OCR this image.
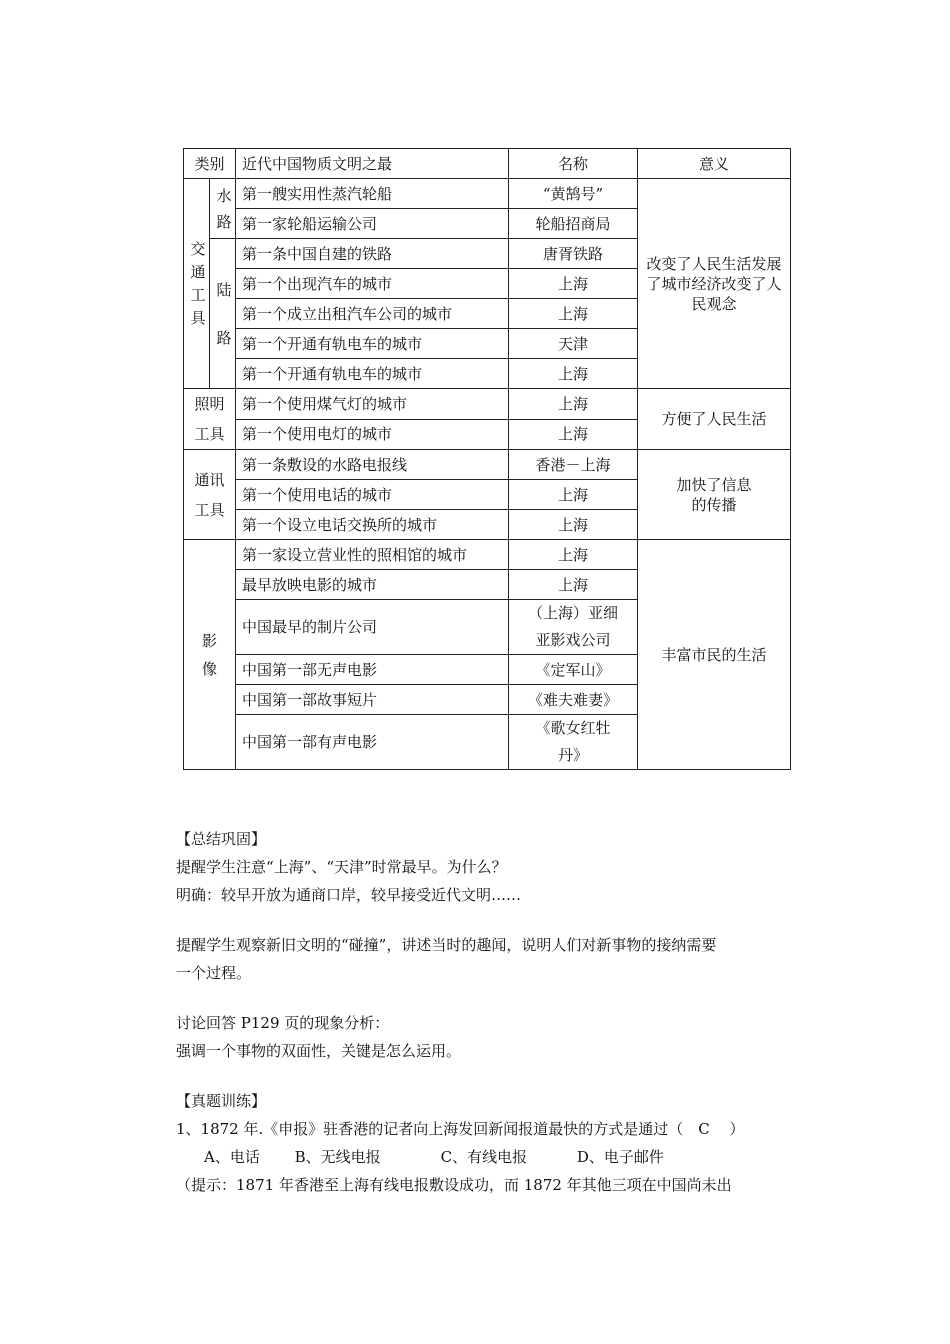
类别		近代中国物质文明之最	名称	意义
交通工具	水路	第一艘实用性蒸汽轮船	“黄鹄号”	改变了人民生活发展了城市经济改变了人民观念
		第一家轮船运输公司	轮船招商局	
	陆路	第一条中国自建的铁路	唐胥铁路	
		第一个出现汽车的城市	上海	
		第一个成立出租汽车公司的城市	上海	
		第一个开通有轨电车的城市	天津	
		第一个开通有轨电车的城市	上海	
照明工具		第一个使用煤气灯的城市	上海	方便了人民生活
		第一个使用电灯的城市	上海	
通讯工具		第一条敷设的水路电报线	香港－上海	加快了信息
的传播

		第一个使用电话的城市	上海	
		第一个设立电话交换所的城市	上海	
影像		第一家设立营业性的照相馆的城市	上海	丰富市民的生活
		最早放映电影的城市	上海	
		中国最早的制片公司	（上海）亚细
亚影戏公司	

		中国第一部无声电影	《定军山》	
		中国第一部故事短片	《难夫难妻》	
		中国第一部有声电影	《歌女红牡
丹》	

【总结巩固】

提醒学生注意“上海”、“天津”时常最早。为什么？

明确：较早开放为通商口岸，较早接受近代文明……

提醒学生观察新旧文明的“碰撞”，讲述当时的趣闻，说明人们对新事物的接纳需要

一个过程。

讨论回答 P129 页的现象分析：

强调一个事物的双面性，关键是怎么运用。

【真题训练】

1、1872 年.《申报》驻香港的记者向上海发回新闻报道最快的方式是通过（　C　 ）

A、电话　　 B、无线电报　　　　C、有线电报　　　 D、电子邮件

（提示：1871 年香港至上海有线电报敷设成功，而 1872 年其他三项在中国尚未出
